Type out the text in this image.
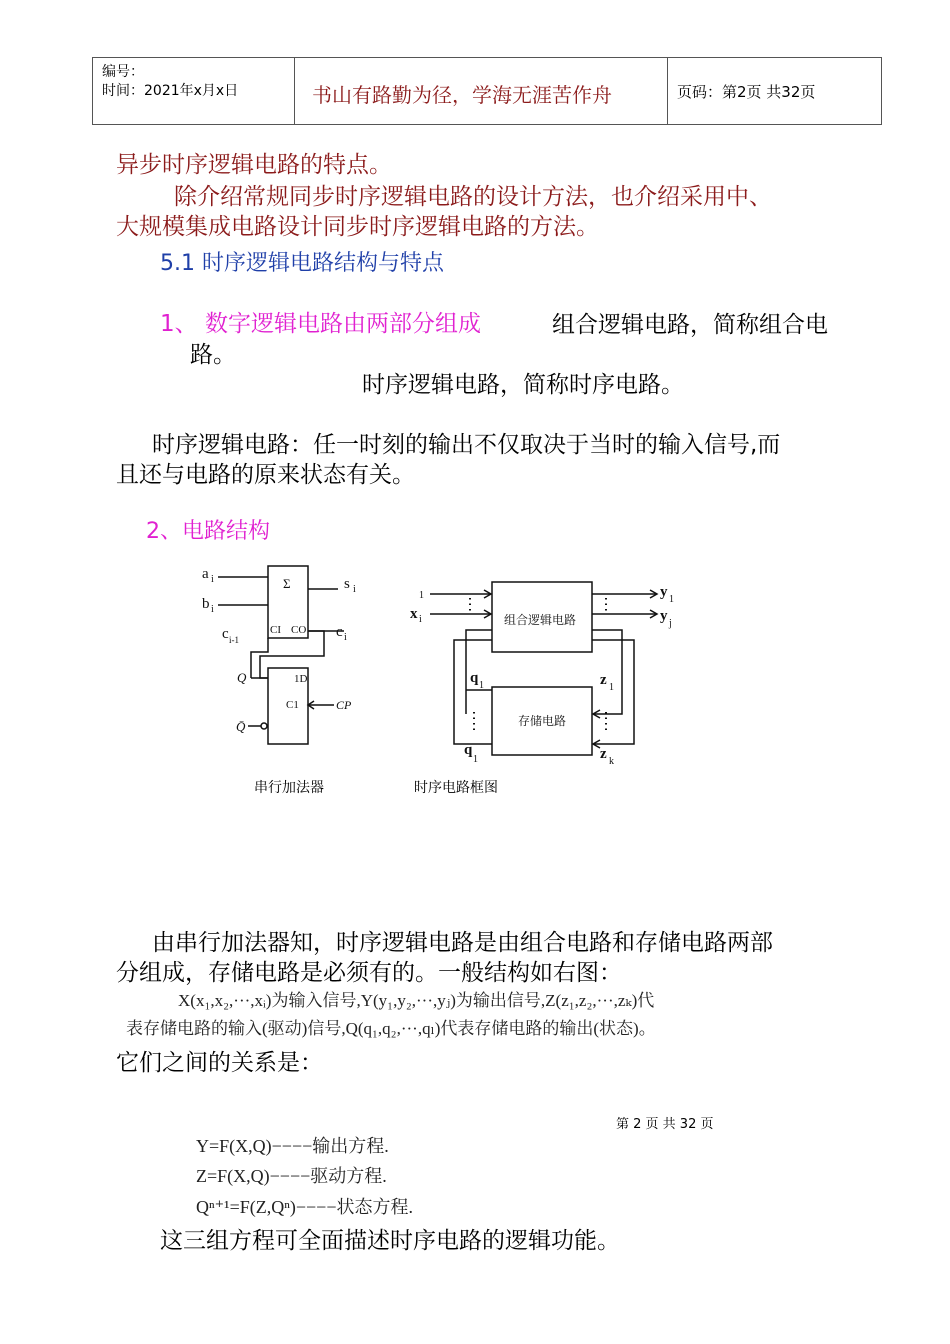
编号：
时间：2021年x月x日	书山有路勤为径，学海无涯苦作舟	页码：第2页 共32页
异步时序逻辑电路的特点。
除介绍常规同步时序逻辑电路的设计方法，也介绍采用中、
大规模集成电路设计同步时序逻辑电路的方法。
5.1 时序逻辑电路结构与特点
1、 数字逻辑电路由两部分组成	组合逻辑电路，简称组合电
路。
时序逻辑电路，简称时序电路。
时序逻辑电路：任一时刻的输出不仅取决于当时的输入信号,而
且还与电路的原来状态有关。
2、电路结构
a i
b i
Σ	s i
CI CO
c i-1	c i
Q	1D
C1	CP
Q̄
1
x i
y 1
y j
组合逻辑电路
存储电路
q 1
q
1
z 1
z k
串行加法器	时序电路框图
由串行加法器知，时序逻辑电路是由组合电路和存储电路两部
分组成，存储电路是必须有的。一般结构如右图：
X(x₁,x₂,···,xᵢ)为输入信号,Y(y₁,y₂,···,yⱼ)为输出信号,Z(z₁,z₂,···,zₖ)代
表存储电路的输入(驱动)信号,Q(q₁,q₂,···,qₗ)代表存储电路的输出(状态)。
它们之间的关系是：
第 2 页 共 32 页
Y=F(X,Q)−−−−输出方程.
Z=F(X,Q)−−−−驱动方程.
Qⁿ⁺¹=F(Z,Qⁿ)−−−−状态方程.
这三组方程可全面描述时序电路的逻辑功能。
